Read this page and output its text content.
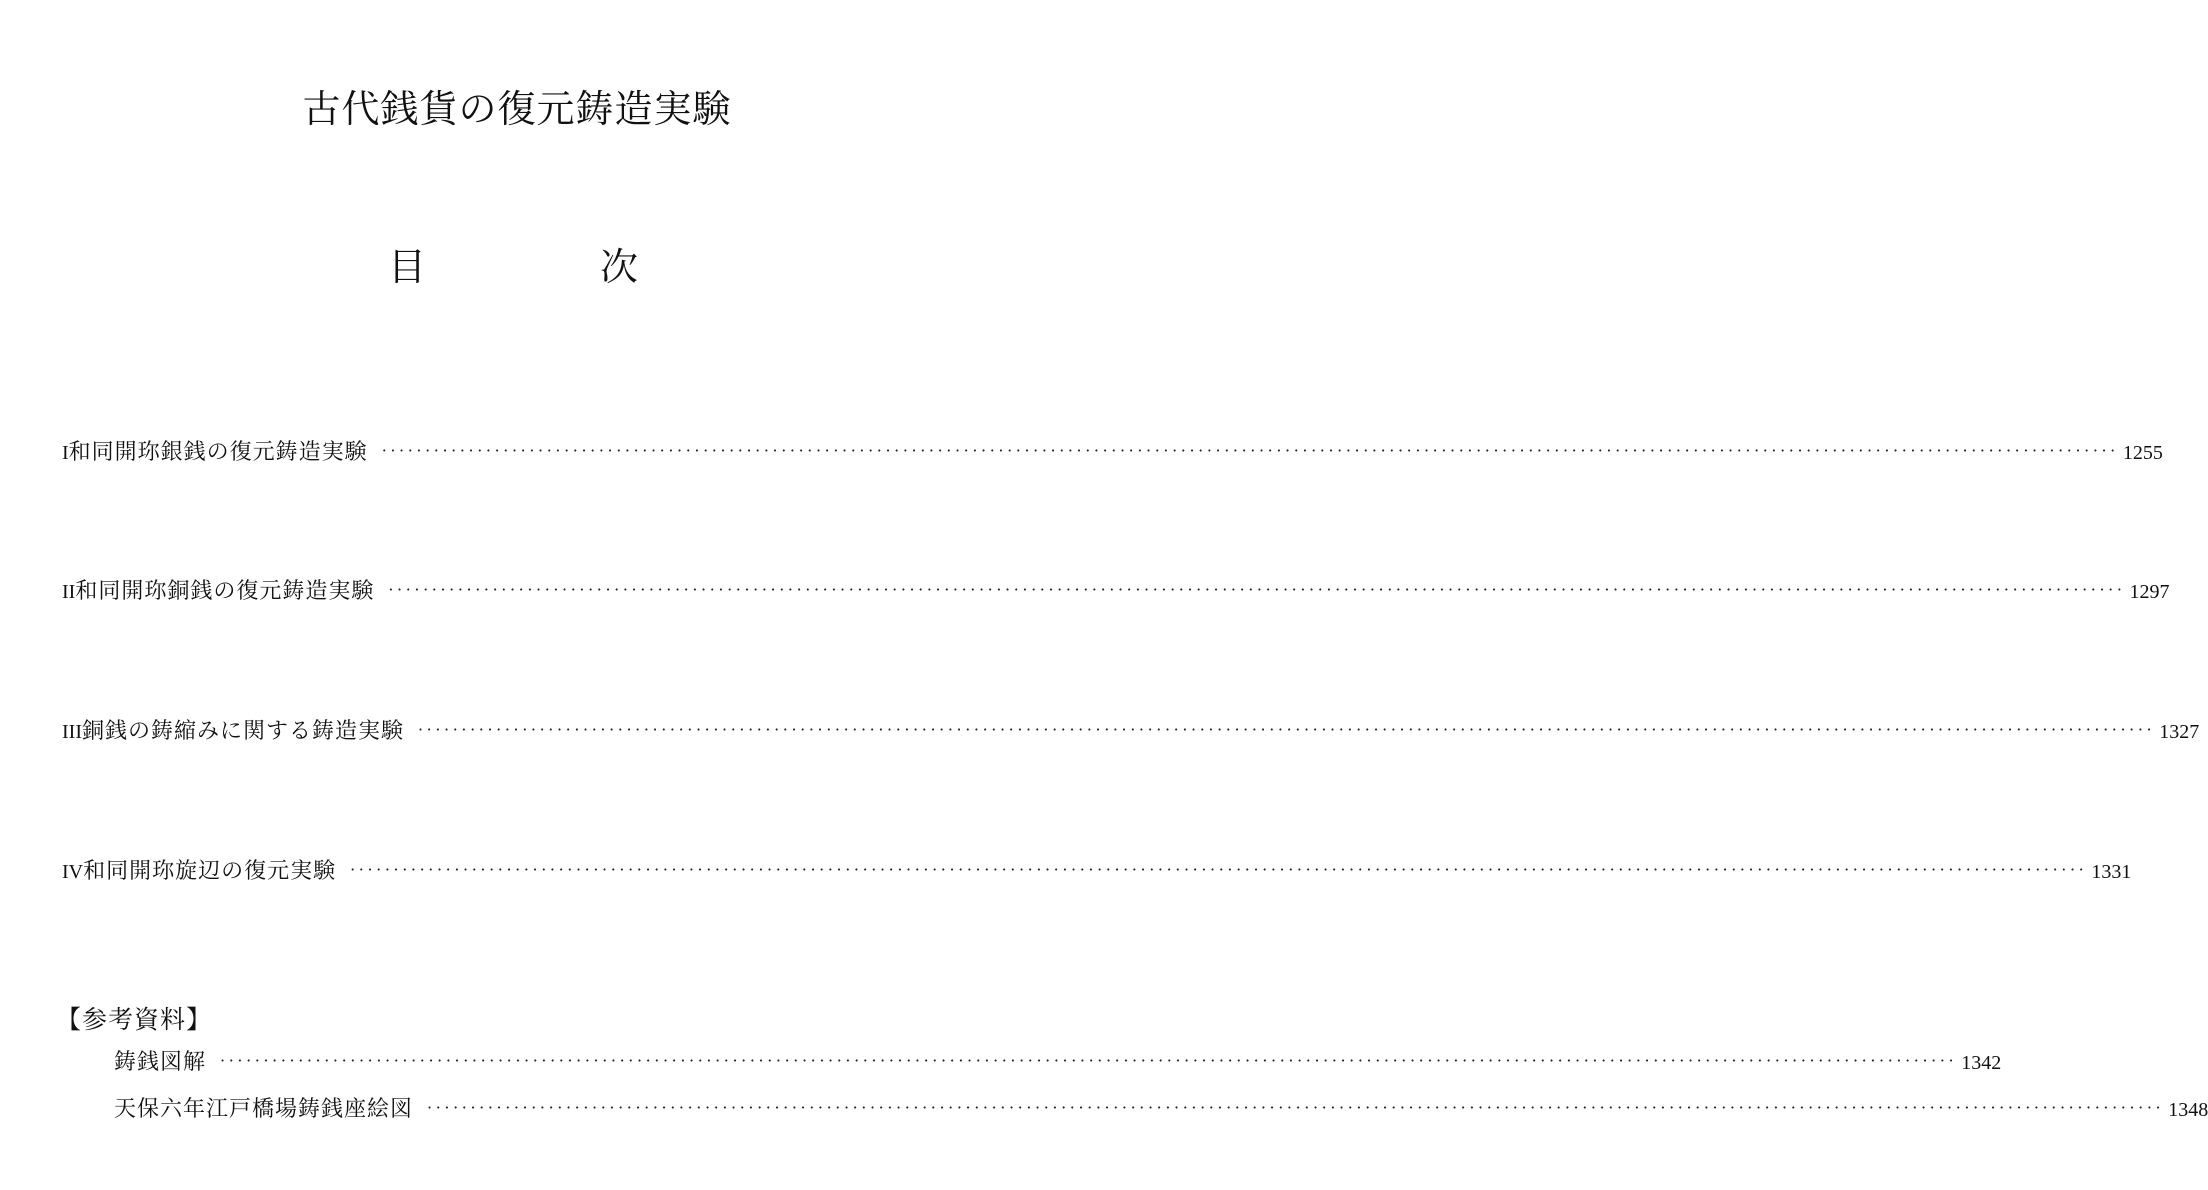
古代銭貨の復元鋳造実験
目	次
I 和同開珎銀銭の復元鋳造実験 ········································································································································································································ 1255
II 和同開珎銅銭の復元鋳造実験 ········································································································································································································ 1297
III 銅銭の鋳縮みに関する鋳造実験 ········································································································································································································ 1327
IV 和同開珎旋辺の復元実験 ········································································································································································································ 1331
【参考資料】
鋳銭図解 ········································································································································································································ 1342
天保六年江戸橋場鋳銭座絵図 ········································································································································································································ 1348
